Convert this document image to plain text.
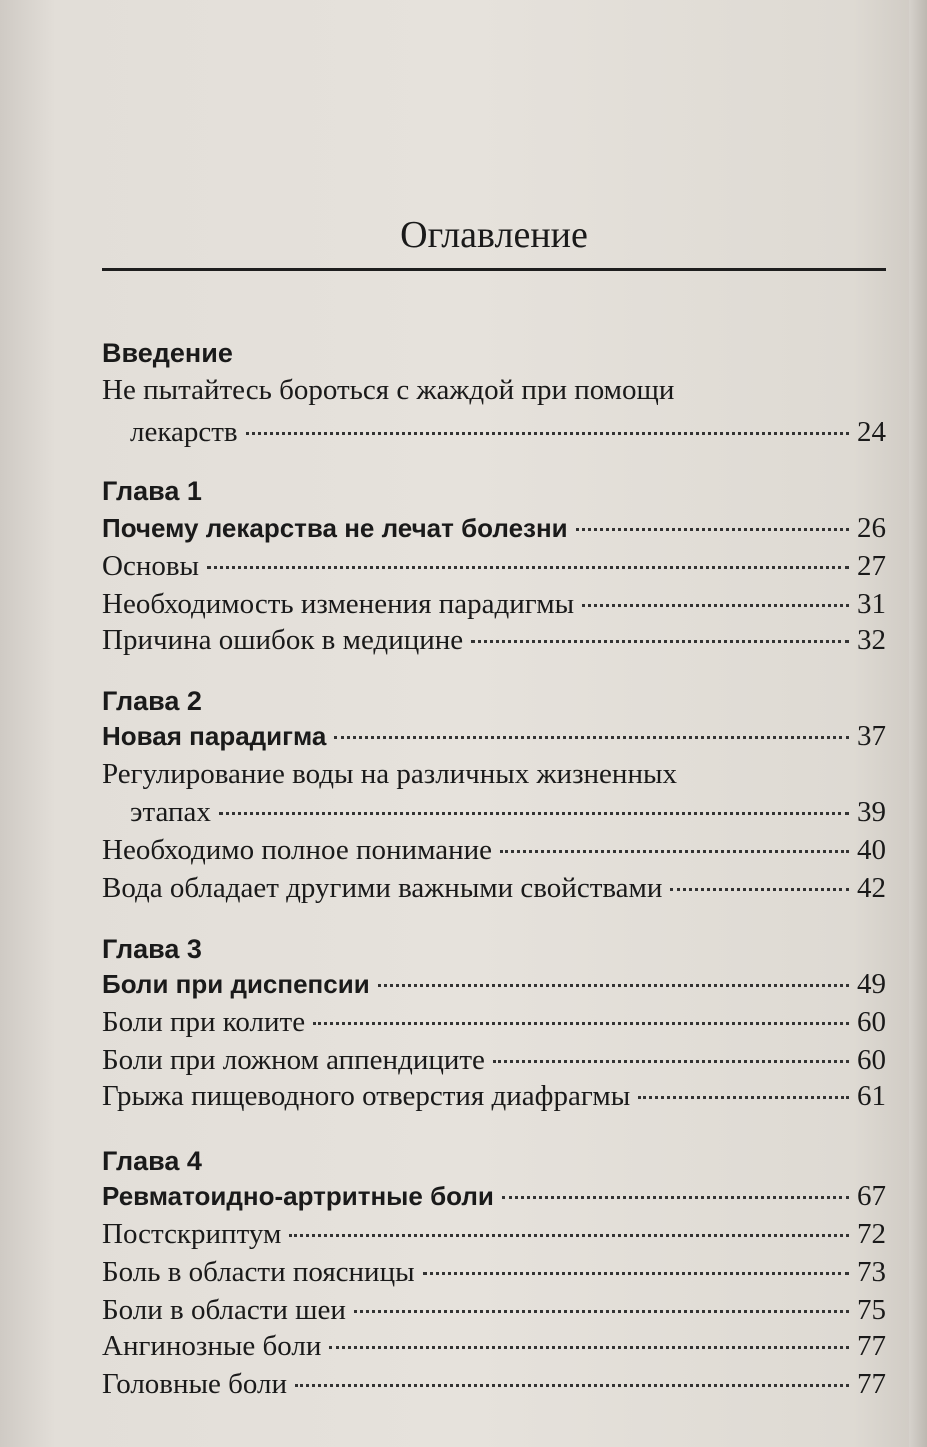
Оглавление
Введение
Не пытайтесь бороться с жаждой при помощи
лекарств	24
Глава 1
Почему лекарства не лечат болезни	26
Основы	27
Необходимость изменения парадигмы	31
Причина ошибок в медицине	32
Глава 2
Новая парадигма	37
Регулирование воды на различных жизненных
этапах	39
Необходимо полное понимание	40
Вода обладает другими важными свойствами	42
Глава 3
Боли при диспепсии	49
Боли при колите	60
Боли при ложном аппендиците	60
Грыжа пищеводного отверстия диафрагмы	61
Глава 4
Ревматоидно-артритные боли	67
Постскриптум	72
Боль в области поясницы	73
Боли в области шеи	75
Ангинозные боли	77
Головные боли	77
